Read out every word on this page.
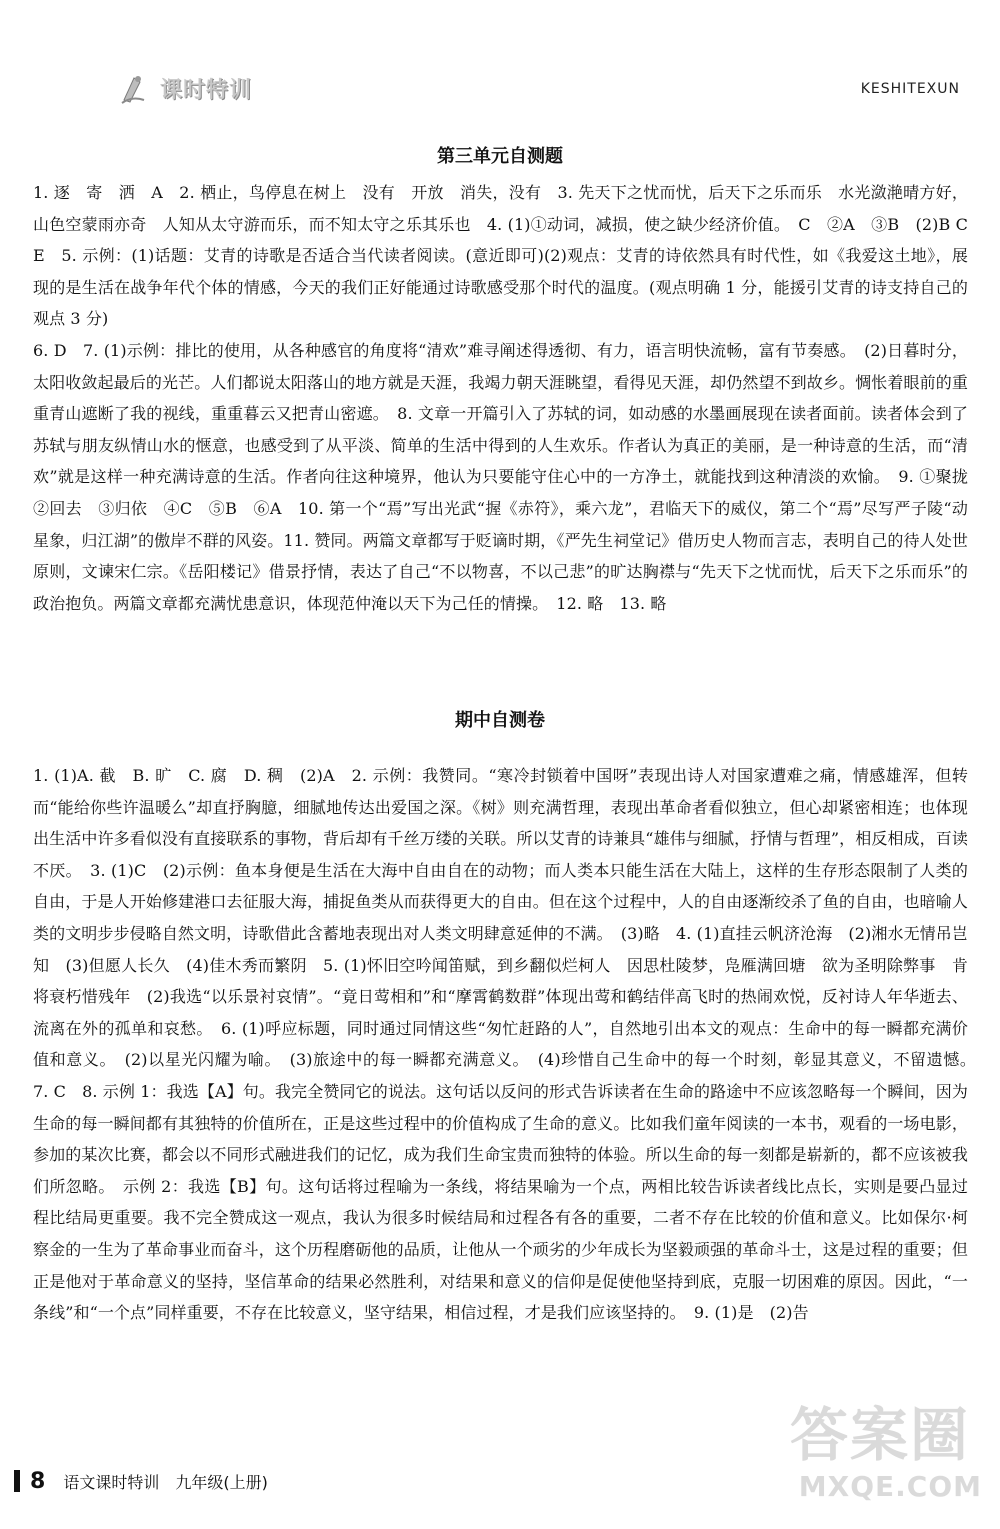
课时特训	KESHITEXUN
第三单元自测题

1. 逐　寄　洒　A　2. 栖止，鸟停息在树上　没有　开放　消失，没有　3. 先天下之忧而忧，后天下之乐而乐　水光潋滟晴方好，山色空蒙雨亦奇　人知从太守游而乐，而不知太守之乐其乐也　4. (1)①动词，减损，使之缺少经济价值。　C　②A　③B　(2)B C E　5. 示例：(1)话题：艾青的诗歌是否适合当代读者阅读。(意近即可)(2)观点：艾青的诗依然具有时代性，如《我爱这土地》，展现的是生活在战争年代个体的情感，今天的我们正好能通过诗歌感受那个时代的温度。(观点明确 1 分，能援引艾青的诗支持自己的观点 3 分)

6. D　7. (1)示例：排比的使用，从各种感官的角度将“清欢”难寻阐述得透彻、有力，语言明快流畅，富有节奏感。　(2)日暮时分，太阳收敛起最后的光芒。人们都说太阳落山的地方就是天涯，我竭力朝天涯眺望，看得见天涯，却仍然望不到故乡。惆怅着眼前的重重青山遮断了我的视线，重重暮云又把青山密遮。　8. 文章一开篇引入了苏轼的词，如动感的水墨画展现在读者面前。读者体会到了苏轼与朋友纵情山水的惬意，也感受到了从平淡、简单的生活中得到的人生欢乐。作者认为真正的美丽，是一种诗意的生活，而“清欢”就是这样一种充满诗意的生活。作者向往这种境界，他认为只要能守住心中的一方净土，就能找到这种清淡的欢愉。　9. ①聚拢　②回去　③归依　④C　⑤B　⑥A　10. 第一个“焉”写出光武“握《赤符》，乘六龙”，君临天下的威仪，第二个“焉”尽写严子陵“动星象，归江湖”的傲岸不群的风姿。11. 赞同。两篇文章都写于贬谪时期，《严先生祠堂记》借历史人物而言志，表明自己的待人处世原则，文谏宋仁宗。《岳阳楼记》借景抒情，表达了自己“不以物喜，不以己悲”的旷达胸襟与“先天下之忧而忧，后天下之乐而乐”的政治抱负。两篇文章都充满忧患意识，体现范仲淹以天下为己任的情操。　12. 略　13. 略

期中自测卷

1. (1)A. 截　B. 旷　C. 腐　D. 稠　(2)A　2. 示例：我赞同。“寒冷封锁着中国呀”表现出诗人对国家遭难之痛，情感雄浑，但转而“能给你些许温暖么”却直抒胸臆，细腻地传达出爱国之深。《树》则充满哲理，表现出革命者看似独立，但心却紧密相连；也体现出生活中许多看似没有直接联系的事物，背后却有千丝万缕的关联。所以艾青的诗兼具“雄伟与细腻，抒情与哲理”，相反相成，百读不厌。　3. (1)C　(2)示例：鱼本身便是生活在大海中自由自在的动物；而人类本只能生活在大陆上，这样的生存形态限制了人类的自由，于是人开始修建港口去征服大海，捕捉鱼类从而获得更大的自由。但在这个过程中，人的自由逐渐绞杀了鱼的自由，也暗喻人类的文明步步侵略自然文明，诗歌借此含蓄地表现出对人类文明肆意延伸的不满。　(3)略　4. (1)直挂云帆济沧海　(2)湘水无情吊岂知　(3)但愿人长久　(4)佳木秀而繁阴　5. (1)怀旧空吟闻笛赋，到乡翻似烂柯人　因思杜陵梦，凫雁满回塘　欲为圣明除弊事　肯将衰朽惜残年　(2)我选“以乐景衬哀情”。“竟日莺相和”和“摩霄鹤数群”体现出莺和鹤结伴高飞时的热闹欢悦，反衬诗人年华逝去、流离在外的孤单和哀愁。　6. (1)呼应标题，同时通过同情这些“匆忙赶路的人”，自然地引出本文的观点：生命中的每一瞬都充满价值和意义。　(2)以星光闪耀为喻。　(3)旅途中的每一瞬都充满意义。　(4)珍惜自己生命中的每一个时刻，彰显其意义，不留遗憾。　7. C　8. 示例 1：我选【A】句。我完全赞同它的说法。这句话以反问的形式告诉读者在生命的路途中不应该忽略每一个瞬间，因为生命的每一瞬间都有其独特的价值所在，正是这些过程中的价值构成了生命的意义。比如我们童年阅读的一本书，观看的一场电影，参加的某次比赛，都会以不同形式融进我们的记忆，成为我们生命宝贵而独特的体验。所以生命的每一刻都是崭新的，都不应该被我们所忽略。　示例 2：我选【B】句。这句话将过程喻为一条线，将结果喻为一个点，两相比较告诉读者线比点长，实则是要凸显过程比结局更重要。我不完全赞成这一观点，我认为很多时候结局和过程各有各的重要，二者不存在比较的价值和意义。比如保尔·柯察金的一生为了革命事业而奋斗，这个历程磨砺他的品质，让他从一个顽劣的少年成长为坚毅顽强的革命斗士，这是过程的重要；但正是他对于革命意义的坚持，坚信革命的结果必然胜利，对结果和意义的信仰是促使他坚持到底，克服一切困难的原因。因此，“一条线”和“一个点”同样重要，不存在比较意义，坚守结果，相信过程，才是我们应该坚持的。　9. (1)是　(2)告

8 语文课时特训 九年级(上册)
答案圈
MXQE.COM
